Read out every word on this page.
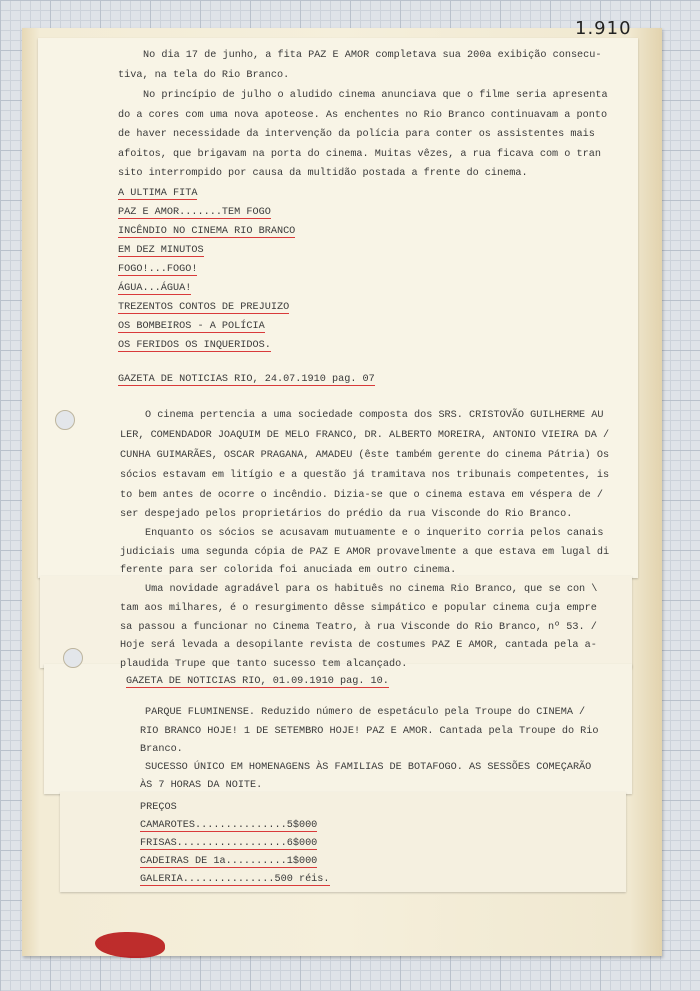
1.910
No dia 17 de junho, a fita PAZ E AMOR completava sua 200a exibição consecu-
tiva, na tela do Rio Branco.
No princípio de julho o aludido cinema anunciava que o filme seria apresenta
do a cores com uma nova apoteose. As enchentes no Rio Branco continuavam a ponto
de haver necessidade da intervenção da polícia para conter os assistentes mais
afoitos, que brigavam na porta do cinema. Muitas vêzes, a rua ficava com o tran
sito interrompido por causa da multidão postada a frente do cinema.
A ULTIMA FITA
PAZ E AMOR.......TEM FOGO
INCÊNDIO NO CINEMA RIO BRANCO
EM DEZ MINUTOS
FOGO!...FOGO!
ÁGUA...ÁGUA!
TREZENTOS CONTOS DE PREJUIZO
OS BOMBEIROS - A POLÍCIA
OS FERIDOS OS INQUERIDOS.
GAZETA DE NOTICIAS RIO, 24.07.1910 pag. 07
O cinema pertencia a uma sociedade composta dos SRS. CRISTOVÃO GUILHERME AU
LER, COMENDADOR JOAQUIM DE MELO FRANCO, DR. ALBERTO MOREIRA, ANTONIO VIEIRA DA /
CUNHA GUIMARÃES, OSCAR PRAGANA, AMADEU (êste também gerente do cinema Pátria) Os
sócios estavam em litígio e a questão já tramitava nos tribunais competentes, is
to bem antes de ocorre o incêndio. Dizia-se que o cinema estava em véspera de /
ser despejado pelos proprietários do prédio da rua Visconde do Rio Branco.
Enquanto os sócios se acusavam mutuamente e o inquerito corria pelos canais
judiciais uma segunda cópia de PAZ E AMOR provavelmente a que estava em lugal di
ferente para ser colorida foi anuciada em outro cinema.
Uma novidade agradável para os habituês no cinema Rio Branco, que se con \
tam aos milhares, é o resurgimento dêsse simpático e popular cinema cuja empre
sa passou a funcionar no Cinema Teatro, à rua Visconde do Rio Branco, nº 53. /
Hoje será levada a desopilante revista de costumes PAZ E AMOR, cantada pela a-
plaudida Trupe que tanto sucesso tem alcançado.
GAZETA DE NOTICIAS RIO, 01.09.1910 pag. 10.
PARQUE FLUMINENSE. Reduzido número de espetáculo pela Troupe do CINEMA /
RIO BRANCO HOJE! 1 DE SETEMBRO HOJE! PAZ E AMOR. Cantada pela Troupe do Rio
Branco.
SUCESSO ÚNICO EM HOMENAGENS ÀS FAMILIAS DE BOTAFOGO. AS SESSÕES COMEÇARÃO
ÀS 7 HORAS DA NOITE.
PREÇOS
CAMAROTES...............5$000
FRISAS..................6$000
CADEIRAS DE 1a..........1$000
GALERIA...............500 réis.
